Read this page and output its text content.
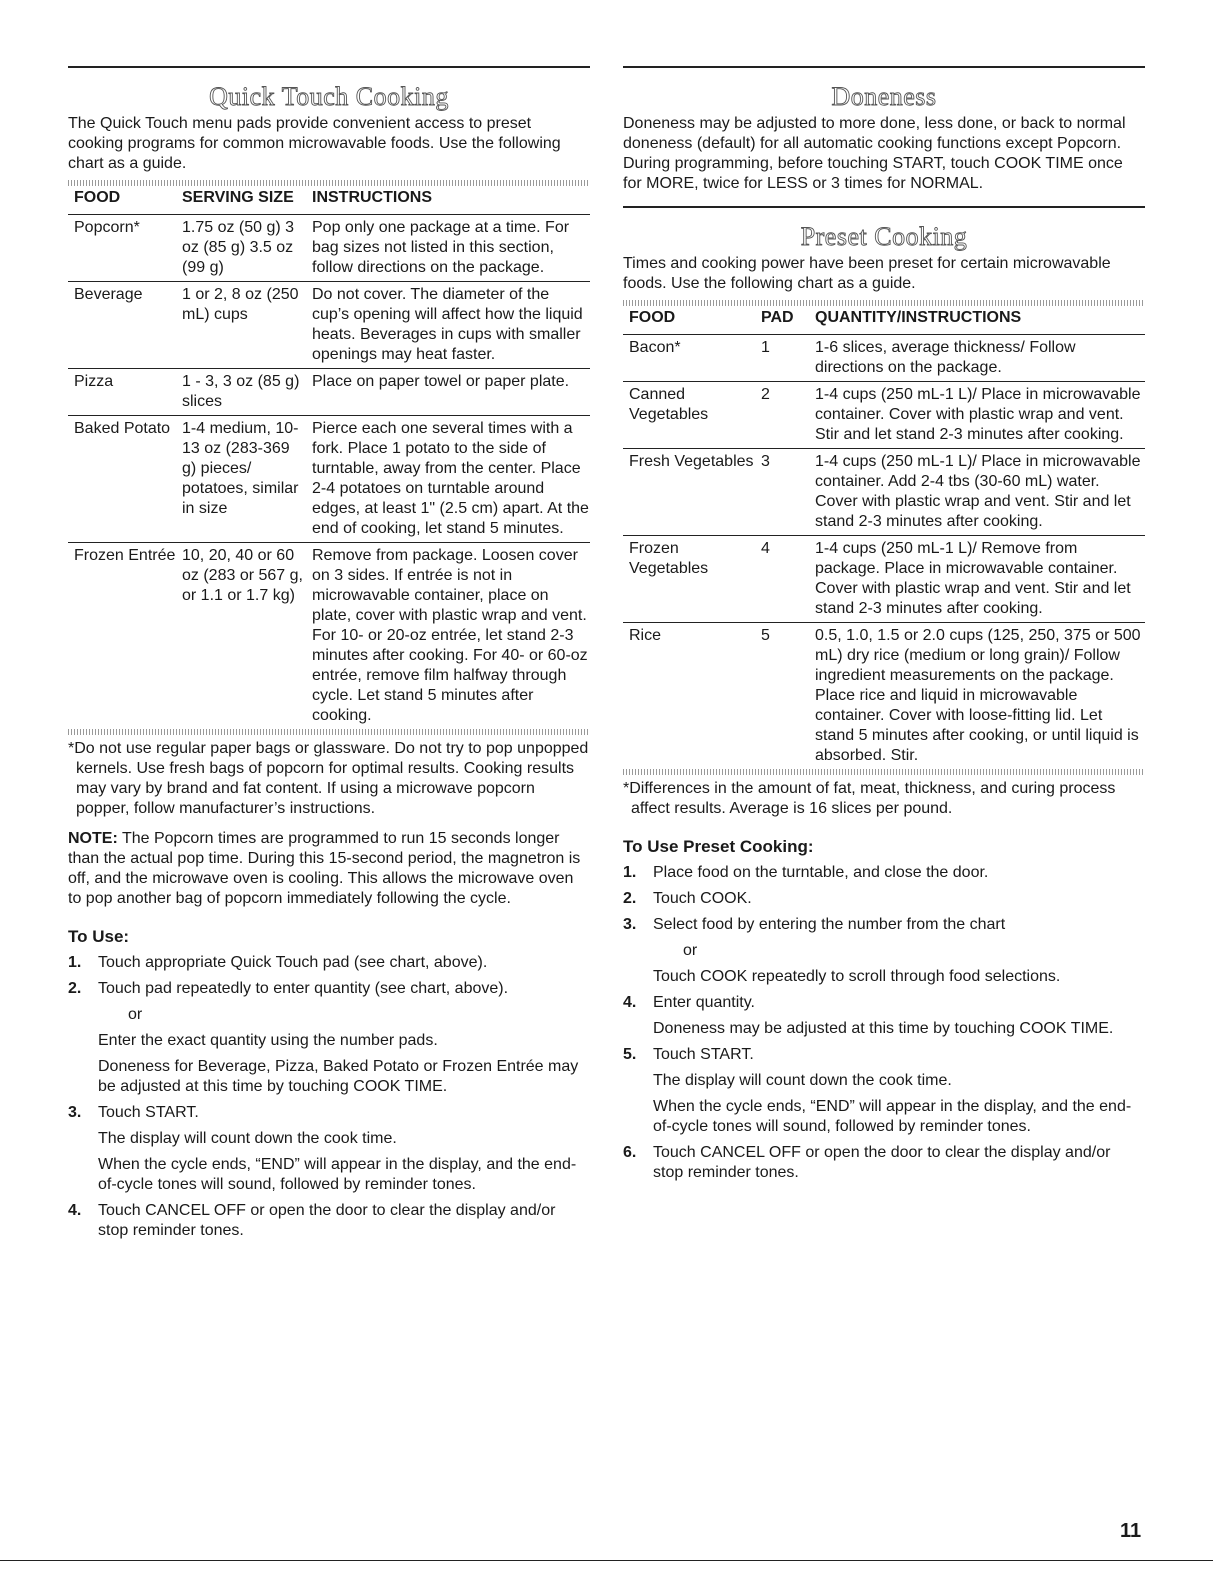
Quick Touch Cooking

The Quick Touch menu pads provide convenient access to preset cooking programs for common microwavable foods. Use the following chart as a guide.

FOOD	SERVING SIZE	INSTRUCTIONS
Popcorn*	1.75 oz (50 g) 3 oz (85 g) 3.5 oz (99 g)	Pop only one package at a time. For bag sizes not listed in this section, follow directions on the package.
Beverage	1 or 2, 8 oz (250 mL) cups	Do not cover. The diameter of the cup’s opening will affect how the liquid heats. Beverages in cups with smaller openings may heat faster.
Pizza	1 - 3, 3 oz (85 g) slices	Place on paper towel or paper plate.
Baked Potato	1-4 medium, 10-13 oz (283-369 g) pieces/ potatoes, similar in size	Pierce each one several times with a fork. Place 1 potato to the side of turntable, away from the center. Place 2-4 potatoes on turntable around edges, at least 1" (2.5 cm) apart. At the end of cooking, let stand 5 minutes.
Frozen Entrée	10, 20, 40 or 60 oz (283 or 567 g, or 1.1 or 1.7 kg)	Remove from package. Loosen cover on 3 sides. If entrée is not in microwavable container, place on plate, cover with plastic wrap and vent. For 10- or 20-oz entrée, let stand 2-3 minutes after cooking. For 40- or 60-oz entrée, remove film halfway through cycle. Let stand 5 minutes after cooking.

*Do not use regular paper bags or glassware. Do not try to pop unpopped kernels. Use fresh bags of popcorn for optimal results. Cooking results may vary by brand and fat content. If using a microwave popcorn popper, follow manufacturer’s instructions.

NOTE: The Popcorn times are programmed to run 15 seconds longer than the actual pop time. During this 15-second period, the magnetron is off, and the microwave oven is cooling. This allows the microwave oven to pop another bag of popcorn immediately following the cycle.

To Use:
1. Touch appropriate Quick Touch pad (see chart, above).

2. Touch pad repeatedly to enter quantity (see chart, above).

or

Enter the exact quantity using the number pads.

Doneness for Beverage, Pizza, Baked Potato or Frozen Entrée may be adjusted at this time by touching COOK TIME.

3. Touch START.

The display will count down the cook time.

When the cycle ends, “END” will appear in the display, and the end-of-cycle tones will sound, followed by reminder tones.

4. Touch CANCEL OFF or open the door to clear the display and/or stop reminder tones.

Doneness

Doneness may be adjusted to more done, less done, or back to normal doneness (default) for all automatic cooking functions except Popcorn. During programming, before touching START, touch COOK TIME once for MORE, twice for LESS or 3 times for NORMAL.

Preset Cooking

Times and cooking power have been preset for certain microwavable foods. Use the following chart as a guide.

FOOD	PAD	QUANTITY/INSTRUCTIONS
Bacon*	1	1-6 slices, average thickness/ Follow directions on the package.
Canned Vegetables	2	1-4 cups (250 mL-1 L)/ Place in microwavable container. Cover with plastic wrap and vent. Stir and let stand 2-3 minutes after cooking.
Fresh Vegetables	3	1-4 cups (250 mL-1 L)/ Place in microwavable container. Add 2-4 tbs (30-60 mL) water. Cover with plastic wrap and vent. Stir and let stand 2-3 minutes after cooking.
Frozen Vegetables	4	1-4 cups (250 mL-1 L)/ Remove from package. Place in microwavable container. Cover with plastic wrap and vent. Stir and let stand 2-3 minutes after cooking.
Rice	5	0.5, 1.0, 1.5 or 2.0 cups (125, 250, 375 or 500 mL) dry rice (medium or long grain)/ Follow ingredient measurements on the package. Place rice and liquid in microwavable container. Cover with loose-fitting lid. Let stand 5 minutes after cooking, or until liquid is absorbed. Stir.

*Differences in the amount of fat, meat, thickness, and curing process affect results. Average is 16 slices per pound.

To Use Preset Cooking:
1. Place food on the turntable, and close the door.

2. Touch COOK.

3. Select food by entering the number from the chart

or

Touch COOK repeatedly to scroll through food selections.

4. Enter quantity.

Doneness may be adjusted at this time by touching COOK TIME.

5. Touch START.

The display will count down the cook time.

When the cycle ends, “END” will appear in the display, and the end-of-cycle tones will sound, followed by reminder tones.

6. Touch CANCEL OFF or open the door to clear the display and/or stop reminder tones.

11
